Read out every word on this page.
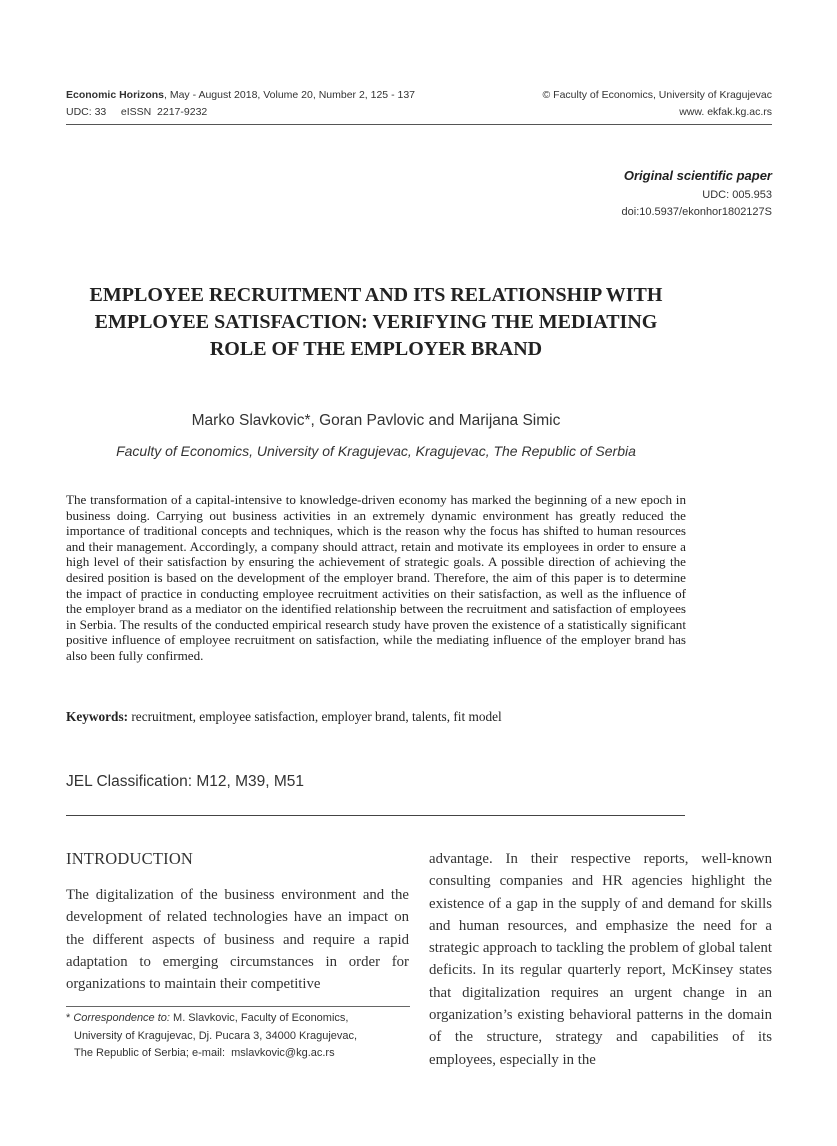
Economic Horizons, May - August 2018, Volume 20, Number 2, 125 - 137
UDC: 33     eISSN  2217-9232
© Faculty of Economics, University of Kragujevac
www. ekfak.kg.ac.rs
Original scientific paper
UDC: 005.953
doi:10.5937/ekonhor1802127S
EMPLOYEE RECRUITMENT AND ITS RELATIONSHIP WITH
EMPLOYEE SATISFACTION: VERIFYING THE MEDIATING
ROLE OF THE EMPLOYER BRAND
Marko Slavkovic*, Goran Pavlovic and Marijana Simic
Faculty of Economics, University of Kragujevac, Kragujevac, The Republic of Serbia
The transformation of a capital-intensive to knowledge-driven economy has marked the beginning of a new epoch in business doing. Carrying out business activities in an extremely dynamic environment has greatly reduced the importance of traditional concepts and techniques, which is the reason why the focus has shifted to human resources and their management. Accordingly, a company should attract, retain and motivate its employees in order to ensure a high level of their satisfaction by ensuring the achievement of strategic goals. A possible direction of achieving the desired position is based on the development of the employer brand. Therefore, the aim of this paper is to determine the impact of practice in conducting employee recruitment activities on their satisfaction, as well as the influence of the employer brand as a mediator on the identified relationship between the recruitment and satisfaction of employees in Serbia. The results of the conducted empirical research study have proven the existence of a statistically significant positive influence of employee recruitment on satisfaction, while the mediating influence of the employer brand has also been fully confirmed.
Keywords: recruitment, employee satisfaction, employer brand, talents, fit model
JEL Classification: M12, M39, M51
INTRODUCTION
The digitalization of the business environment and the development of related technologies have an impact on the different aspects of business and require a rapid adaptation to emerging circumstances in order for organizations to maintain their competitive
advantage. In their respective reports, well-known consulting companies and HR agencies highlight the existence of a gap in the supply of and demand for skills and human resources, and emphasize the need for a strategic approach to tackling the problem of global talent deficits. In its regular quarterly report, McKinsey states that digitalization requires an urgent change in an organization’s existing behavioral patterns in the domain of the structure, strategy and capabilities of its employees, especially in the
* Correspondence to: M. Slavkovic, Faculty of Economics,
University of Kragujevac, Dj. Pucara 3, 34000 Kragujevac,
The Republic of Serbia; e-mail:  mslavkovic@kg.ac.rs
